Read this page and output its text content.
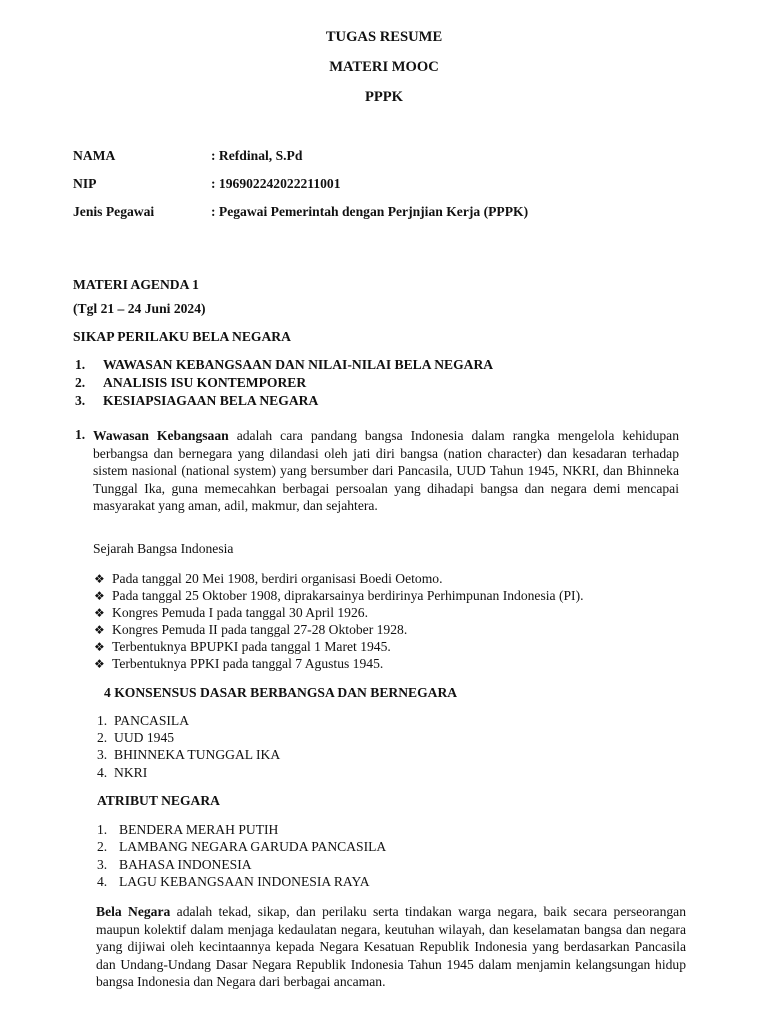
TUGAS RESUME
MATERI MOOC
PPPK
NAMA	: Refdinal, S.Pd
NIP	: 196902242022211001
Jenis Pegawai	: Pegawai Pemerintah dengan Perjnjian Kerja (PPPK)
MATERI AGENDA 1
(Tgl 21 – 24 Juni 2024)
SIKAP PERILAKU BELA NEGARA
1. WAWASAN KEBANGSAAN DAN NILAI-NILAI BELA NEGARA
2. ANALISIS ISU KONTEMPORER
3. KESIAPSIAGAAN BELA NEGARA
1. Wawasan Kebangsaan adalah cara pandang bangsa Indonesia dalam rangka mengelola kehidupan berbangsa dan bernegara yang dilandasi oleh jati diri bangsa (nation character) dan kesadaran terhadap sistem nasional (national system) yang bersumber dari Pancasila, UUD Tahun 1945, NKRI, dan Bhinneka Tunggal Ika, guna memecahkan berbagai persoalan yang dihadapi bangsa dan negara demi mencapai masyarakat yang aman, adil, makmur, dan sejahtera.
Sejarah Bangsa Indonesia
❖ Pada tanggal 20 Mei 1908, berdiri organisasi Boedi Oetomo.
❖ Pada tanggal 25 Oktober 1908, diprakarsainya berdirinya Perhimpunan Indonesia (PI).
❖ Kongres Pemuda I pada tanggal 30 April 1926.
❖ Kongres Pemuda II pada tanggal 27-28 Oktober 1928.
❖ Terbentuknya BPUPKI pada tanggal 1 Maret 1945.
❖ Terbentuknya PPKI pada tanggal 7 Agustus 1945.
4 KONSENSUS DASAR BERBANGSA DAN BERNEGARA
1. PANCASILA
2. UUD 1945
3. BHINNEKA TUNGGAL IKA
4. NKRI
ATRIBUT NEGARA
1. BENDERA MERAH PUTIH
2. LAMBANG NEGARA GARUDA PANCASILA
3. BAHASA INDONESIA
4. LAGU KEBANGSAAN INDONESIA RAYA
Bela Negara adalah tekad, sikap, dan perilaku serta tindakan warga negara, baik secara perseorangan maupun kolektif dalam menjaga kedaulatan negara, keutuhan wilayah, dan keselamatan bangsa dan negara yang dijiwai oleh kecintaannya kepada Negara Kesatuan Republik Indonesia yang berdasarkan Pancasila dan Undang-Undang Dasar Negara Republik Indonesia Tahun 1945 dalam menjamin kelangsungan hidup bangsa Indonesia dan Negara dari berbagai ancaman.
